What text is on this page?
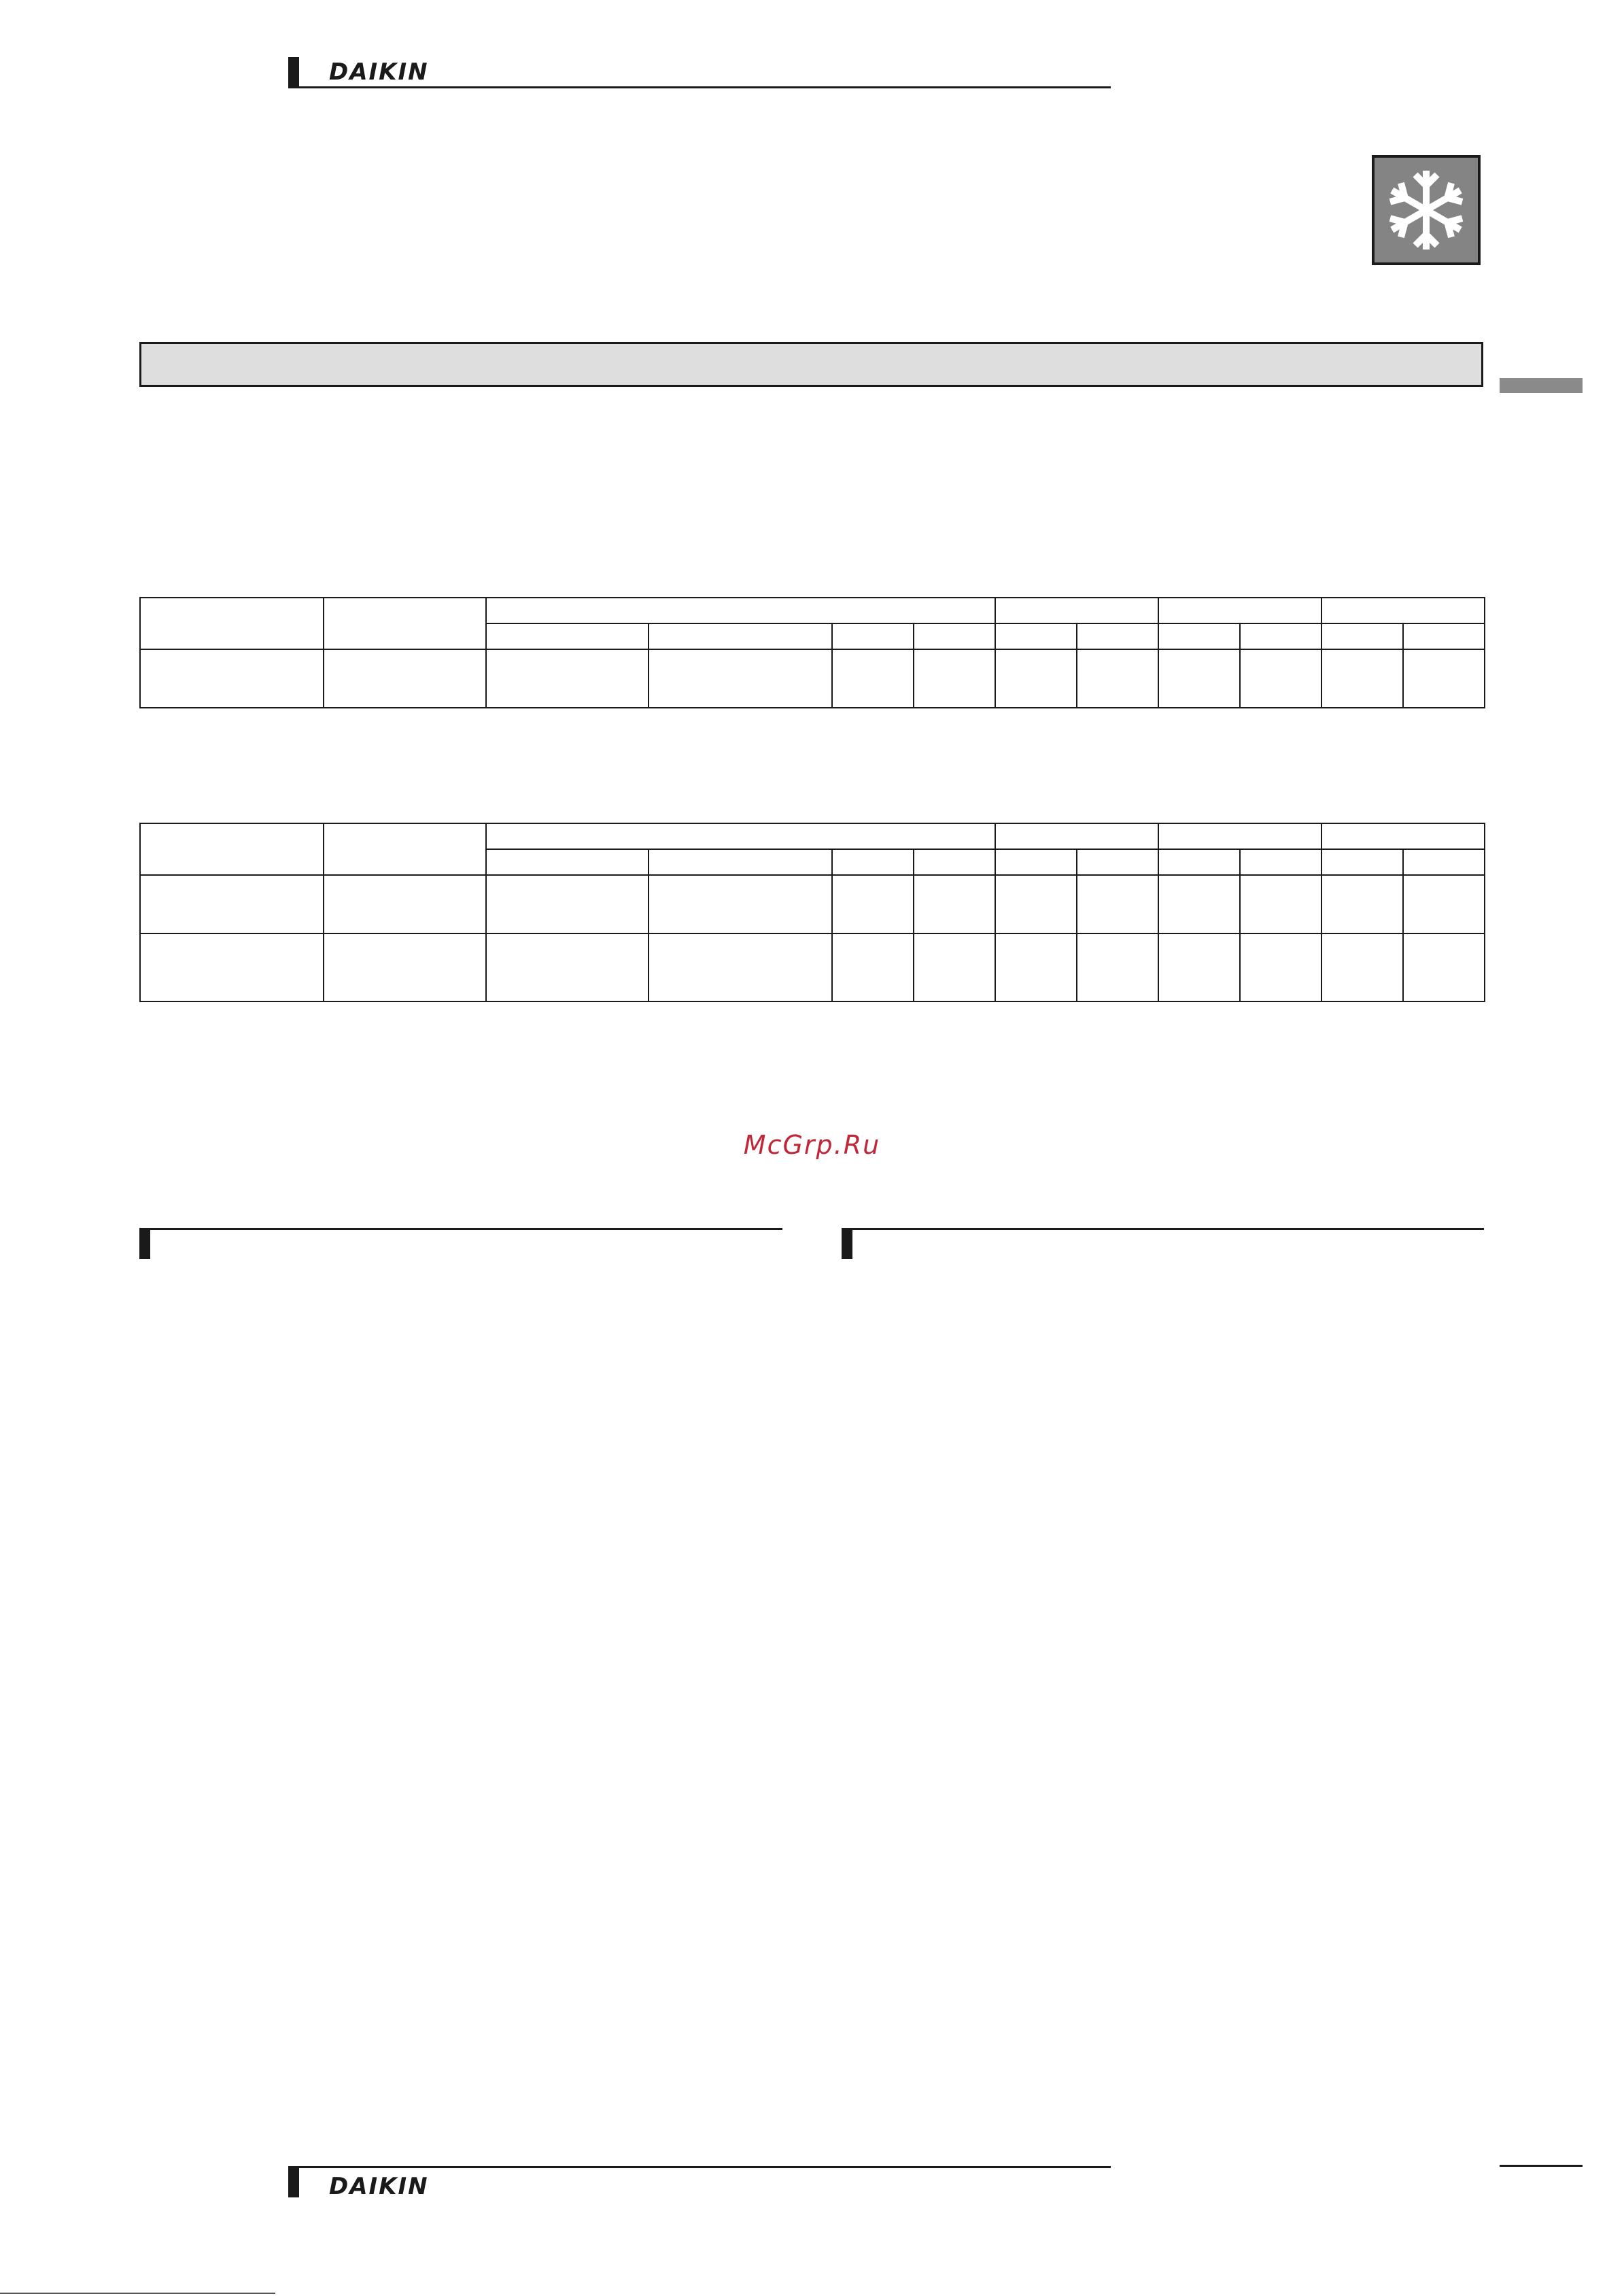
DAIKIN

McGrp.Ru
DAIKIN
